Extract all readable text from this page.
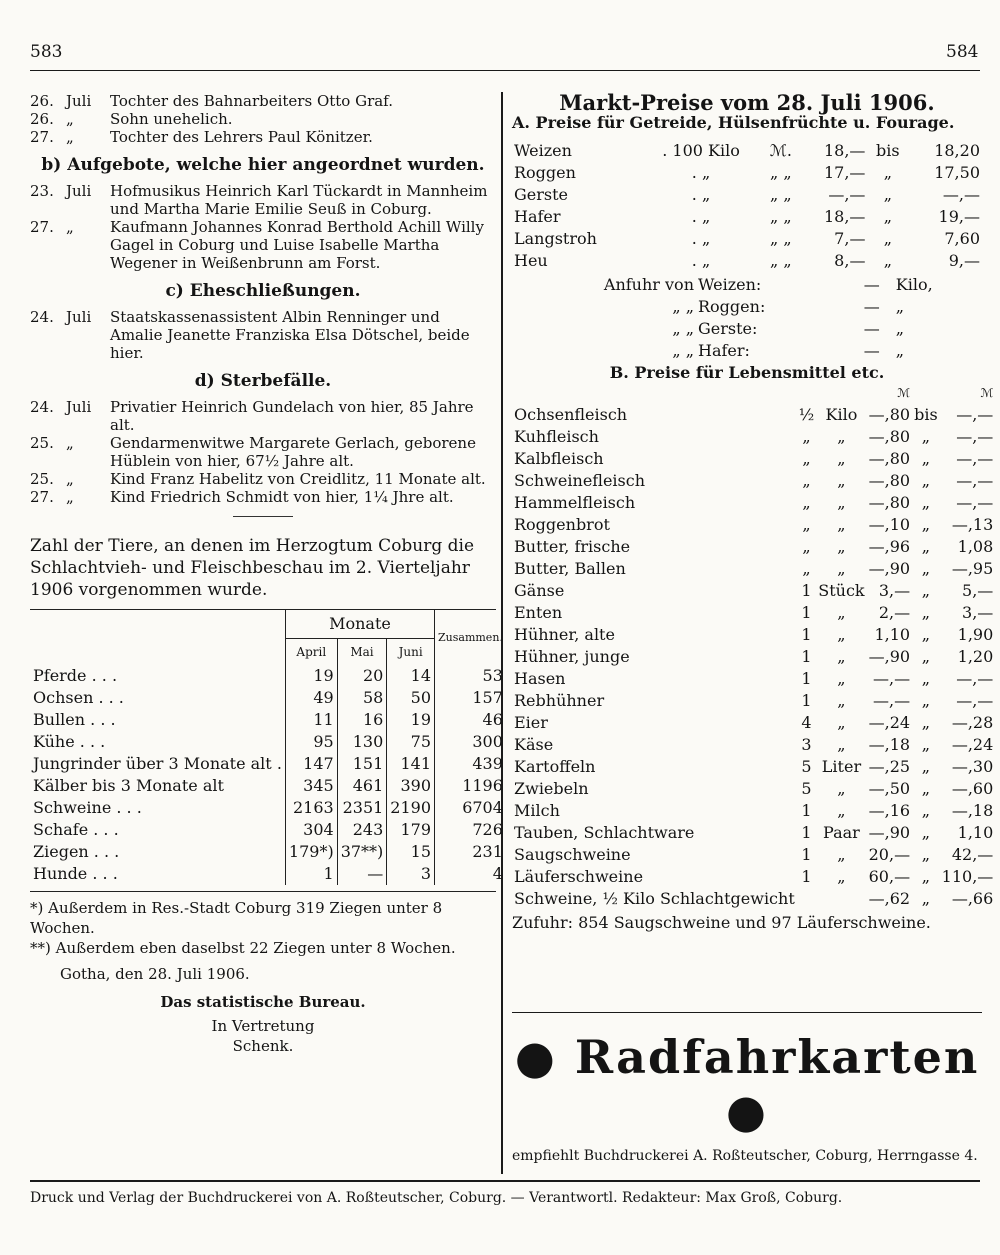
583	584
26. Juli	Tochter des Bahnarbeiters Otto Graf.
26. „	Sohn unehelich.
27. „	Tochter des Lehrers Paul Könitzer.
b) Aufgebote, welche hier angeordnet wurden.
23. Juli	Hofmusikus Heinrich Karl Tückardt in Mannheim und Martha Marie Emilie Seuß in Coburg.
27. „	Kaufmann Johannes Konrad Berthold Achill Willy Gagel in Coburg und Luise Isabelle Martha Wegener in Weißenbrunn am Forst.
c) Eheschließungen.
24. Juli	Staatskassenassistent Albin Renninger und Amalie Jeanette Franziska Elsa Dötschel, beide hier.
d) Sterbefälle.
24. Juli	Privatier Heinrich Gundelach von hier, 85 Jahre alt.
25. „	Gendarmenwitwe Margarete Gerlach, geborene Hüblein von hier, 67½ Jahre alt.
25. „	Kind Franz Habelitz von Creidlitz, 11 Monate alt.
27. „	Kind Friedrich Schmidt von hier, 1¼ Jhre alt.
Zahl der Tiere, an denen im Herzogtum Coburg die Schlachtvieh- und Fleischbeschau im 2. Vierteljahr 1906 vorgenommen wurde.
	Monate			Zusammen.
	April	Mai	Juni	
Pferde . . .	19	20	14	53
Ochsen . . .	49	58	50	157
Bullen . . .	11	16	19	46
Kühe . . .	95	130	75	300
Jungrinder über 3 Monate alt .	147	151	141	439
Kälber bis 3 Monate alt	345	461	390	1196
Schweine . . .	2163	2351	2190	6704
Schafe . . .	304	243	179	726
Ziegen . . .	179*)	37**)	15	231
Hunde . . .	1	—	3	4
*) Außerdem in Res.-Stadt Coburg 319 Ziegen unter 8 Wochen.
**) Außerdem eben daselbst 22 Ziegen unter 8 Wochen.
Gotha, den 28. Juli 1906.
Das statistische Bureau.
In Vertretung
Schenk.
Markt-Preise vom 28. Juli 1906.
A. Preise für Getreide, Hülsenfrüchte u. Fourage.
Weizen	. 100 Kilo	ℳ.	18,—	bis	18,20
Roggen	. „	„ „	17,—	„	17,50
Gerste	. „	„ „	—,—	„	—,—
Hafer	. „	„ „	18,—	„	19,—
Langstroh	. „	„ „	7,—	„	7,60
Heu	. „	„ „	8,—	„	9,—
Anfuhr von	Weizen:	—	Kilo,
„ „	Roggen:	—	„
„ „	Gerste:	—	„
„ „	Hafer:	—	„
B. Preise für Lebensmittel etc.
			ℳ		ℳ
Ochsenfleisch	½	Kilo	—,80	bis	—,—
Kuhfleisch	„	„	—,80	„	—,—
Kalbfleisch	„	„	—,80	„	—,—
Schweinefleisch	„	„	—,80	„	—,—
Hammelfleisch	„	„	—,80	„	—,—
Roggenbrot	„	„	—,10	„	—,13
Butter, frische	„	„	—,96	„	1,08
Butter, Ballen	„	„	—,90	„	—,95
Gänse	1	Stück	3,—	„	5,—
Enten	1	„	2,—	„	3,—
Hühner, alte	1	„	1,10	„	1,90
Hühner, junge	1	„	—,90	„	1,20
Hasen	1	„	—,—	„	—,—
Rebhühner	1	„	—,—	„	—,—
Eier	4	„	—,24	„	—,28
Käse	3	„	—,18	„	—,24
Kartoffeln	5	Liter	—,25	„	—,30
Zwiebeln	5	„	—,50	„	—,60
Milch	1	„	—,16	„	—,18
Tauben, Schlachtware	1	Paar	—,90	„	1,10
Saugschweine	1	„	20,—	„	42,—
Läuferschweine	1	„	60,—	„	110,—
Schweine, ½ Kilo Schlachtgewicht			—,62	„	—,66
Zufuhr: 854 Saugschweine und 97 Läuferschweine.
● Radfahrkarten ●
empfiehlt Buchdruckerei A. Roßteutscher, Coburg, Herrngasse 4.
Druck und Verlag der Buchdruckerei von A. Roßteutscher, Coburg. — Verantwortl. Redakteur: Max Groß, Coburg.
